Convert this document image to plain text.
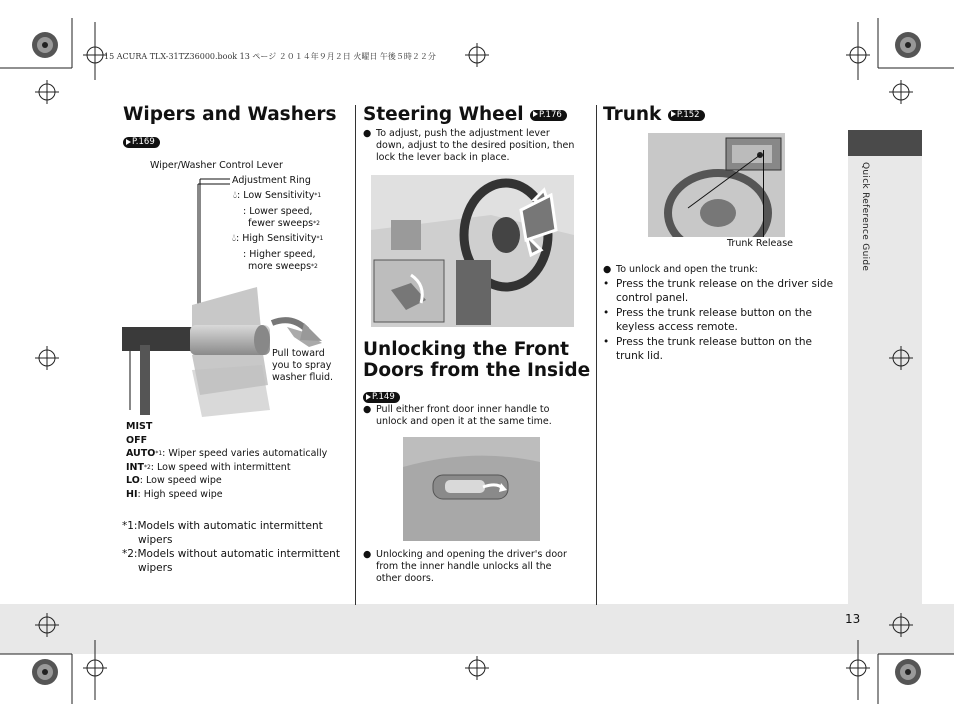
Quick Reference Guide
13
15 ACURA TLX-31TZ36000.book 13 ページ ２０１４年９月２日 火曜日 午後５時２２分
Wipers and Washers
P.169
Wiper/Washer Control Lever
Adjustment Ring
💧︎: Low Sensitivity$^{*1}$
: Lower speed,
fewer sweeps$^{*2}$
💧︎: High Sensitivity$^{*1}$
: Higher speed,
more sweeps$^{*2}$
Pull toward
you to spray
washer fluid.
MIST
OFF
AUTO$^{*1}$: Wiper speed varies automatically
INT$^{*2}$: Low speed with intermittent
LO: Low speed wipe
HI: High speed wipe
*1:Models with automatic intermittent
wipers
*2:Models without automatic intermittent
wipers
Steering Wheel P.176
● To adjust, push the adjustment lever
down, adjust to the desired position, then
lock the lever back in place.
Unlocking the Front
Doors from the Inside
P.149
● Pull either front door inner handle to
unlock and open it at the same time.
● Unlocking and opening the driver's door
from the inner handle unlocks all the
other doors.
Trunk P.152
Trunk Release
● To unlock and open the trunk:
• Press the trunk release on the driver side
control panel.
• Press the trunk release button on the
keyless access remote.
• Press the trunk release button on the
trunk lid.
